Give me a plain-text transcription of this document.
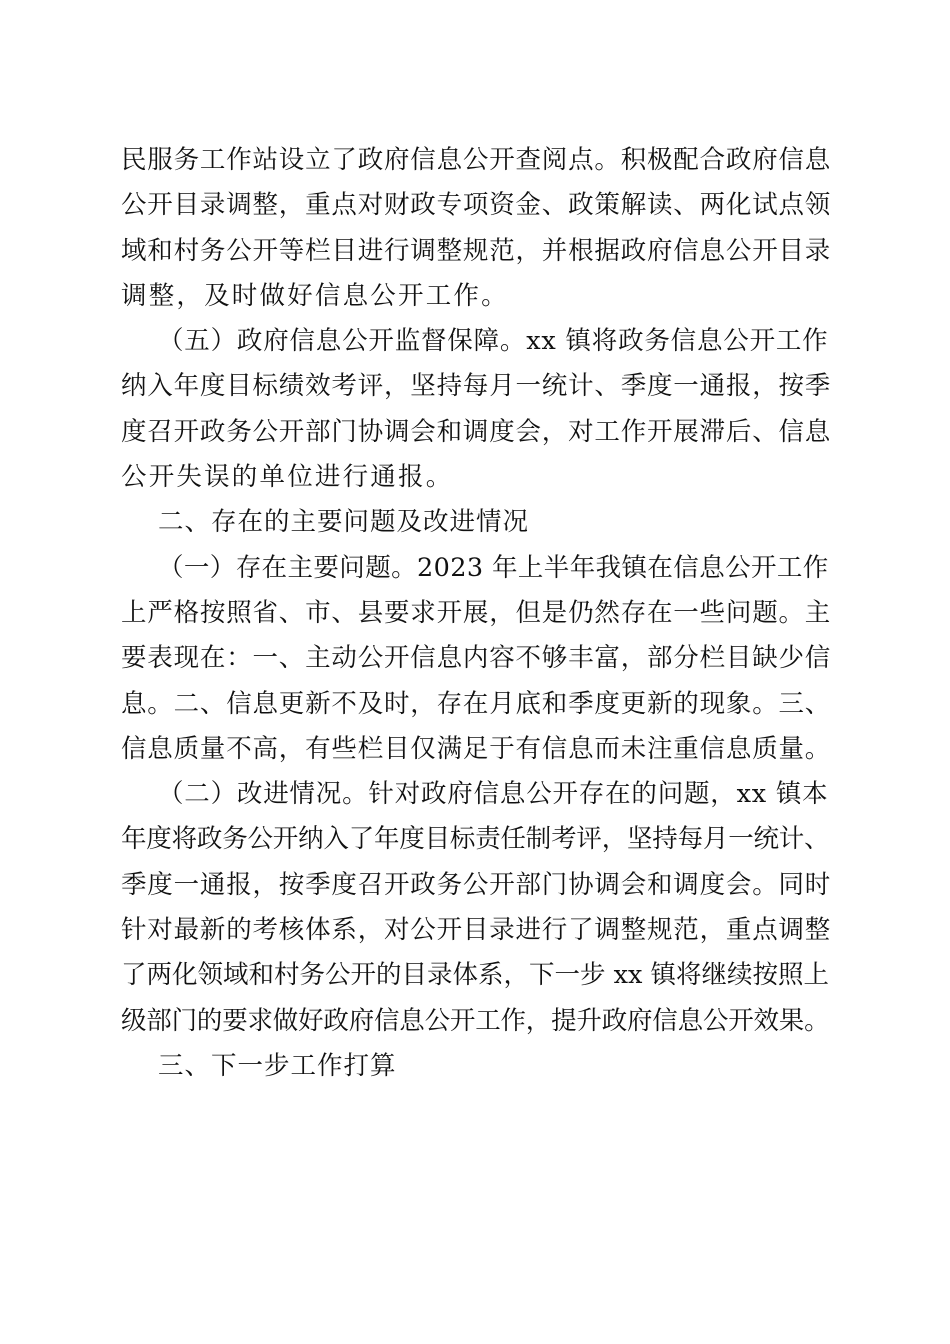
民服务工作站设立了政府信息公开查阅点。积极配合政府信息
公开目录调整，重点对财政专项资金、政策解读、两化试点领
域和村务公开等栏目进行调整规范，并根据政府信息公开目录
调整，及时做好信息公开工作。
（五）政府信息公开监督保障。xx 镇将政务信息公开工作
纳入年度目标绩效考评，坚持每月一统计、季度一通报，按季
度召开政务公开部门协调会和调度会，对工作开展滞后、信息
公开失误的单位进行通报。
二、存在的主要问题及改进情况
（一）存在主要问题。2023 年上半年我镇在信息公开工作
上严格按照省、市、县要求开展，但是仍然存在一些问题。主
要表现在：一、主动公开信息内容不够丰富，部分栏目缺少信
息。二、信息更新不及时，存在月底和季度更新的现象。三、
信息质量不高，有些栏目仅满足于有信息而未注重信息质量。
（二）改进情况。针对政府信息公开存在的问题，xx 镇本
年度将政务公开纳入了年度目标责任制考评，坚持每月一统计、
季度一通报，按季度召开政务公开部门协调会和调度会。同时
针对最新的考核体系，对公开目录进行了调整规范，重点调整
了两化领域和村务公开的目录体系，下一步 xx 镇将继续按照上
级部门的要求做好政府信息公开工作，提升政府信息公开效果。
三、下一步工作打算
